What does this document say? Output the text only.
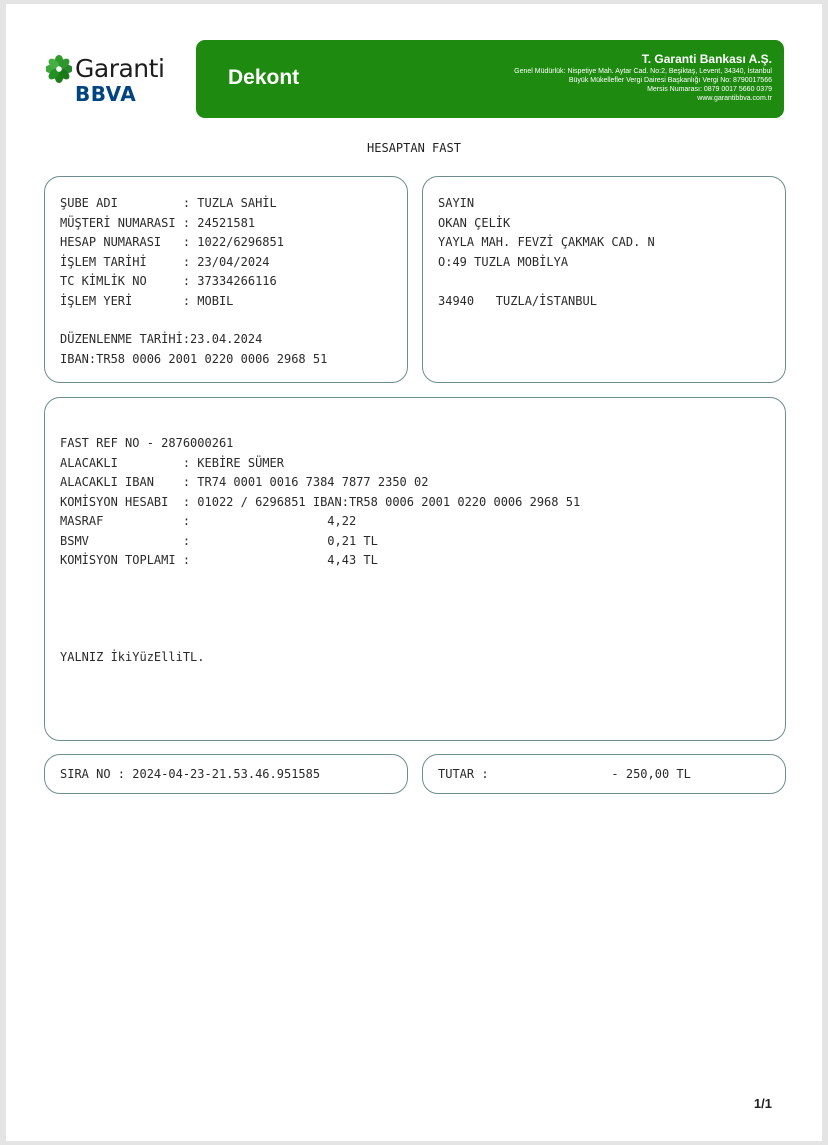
Garanti
BBVA
Dekont
T. Garanti Bankası A.Ş.
Genel Müdürlük: Nispetiye Mah. Aytar Cad. No:2, Beşiktaş, Levent, 34340, İstanbul
Büyük Mükellefler Vergi Dairesi Başkanlığı Vergi No: 8790017566
Mersis Numarası: 0879 0017 5660 0379
www.garantibbva.com.tr
HESAPTAN FAST
ŞUBE ADI         : TUZLA SAHİL
MÜŞTERİ NUMARASI : 24521581
HESAP NUMARASI   : 1022/6296851
İŞLEM TARİHİ     : 23/04/2024
TC KİMLİK NO     : 37334266116
İŞLEM YERİ       : MOBIL
DÜZENLENME TARİHİ:23.04.2024
IBAN:TR58 0006 2001 0220 0006 2968 51
SAYIN
OKAN ÇELİK
YAYLA MAH. FEVZİ ÇAKMAK CAD. N
O:49 TUZLA MOBİLYA
34940   TUZLA/İSTANBUL
FAST REF NO - 2876000261
ALACAKLI         : KEBİRE SÜMER
ALACAKLI IBAN    : TR74 0001 0016 7384 7877 2350 02
KOMİSYON HESABI  : 01022 / 6296851 IBAN:TR58 0006 2001 0220 0006 2968 51
MASRAF           :                   4,22
BSMV             :                   0,21 TL
KOMİSYON TOPLAMI :                   4,43 TL
YALNIZ İkiYüzElliTL.
SIRA NO : 2024-04-23-21.53.46.951585	TUTAR :                 - 250,00 TL
1/1
